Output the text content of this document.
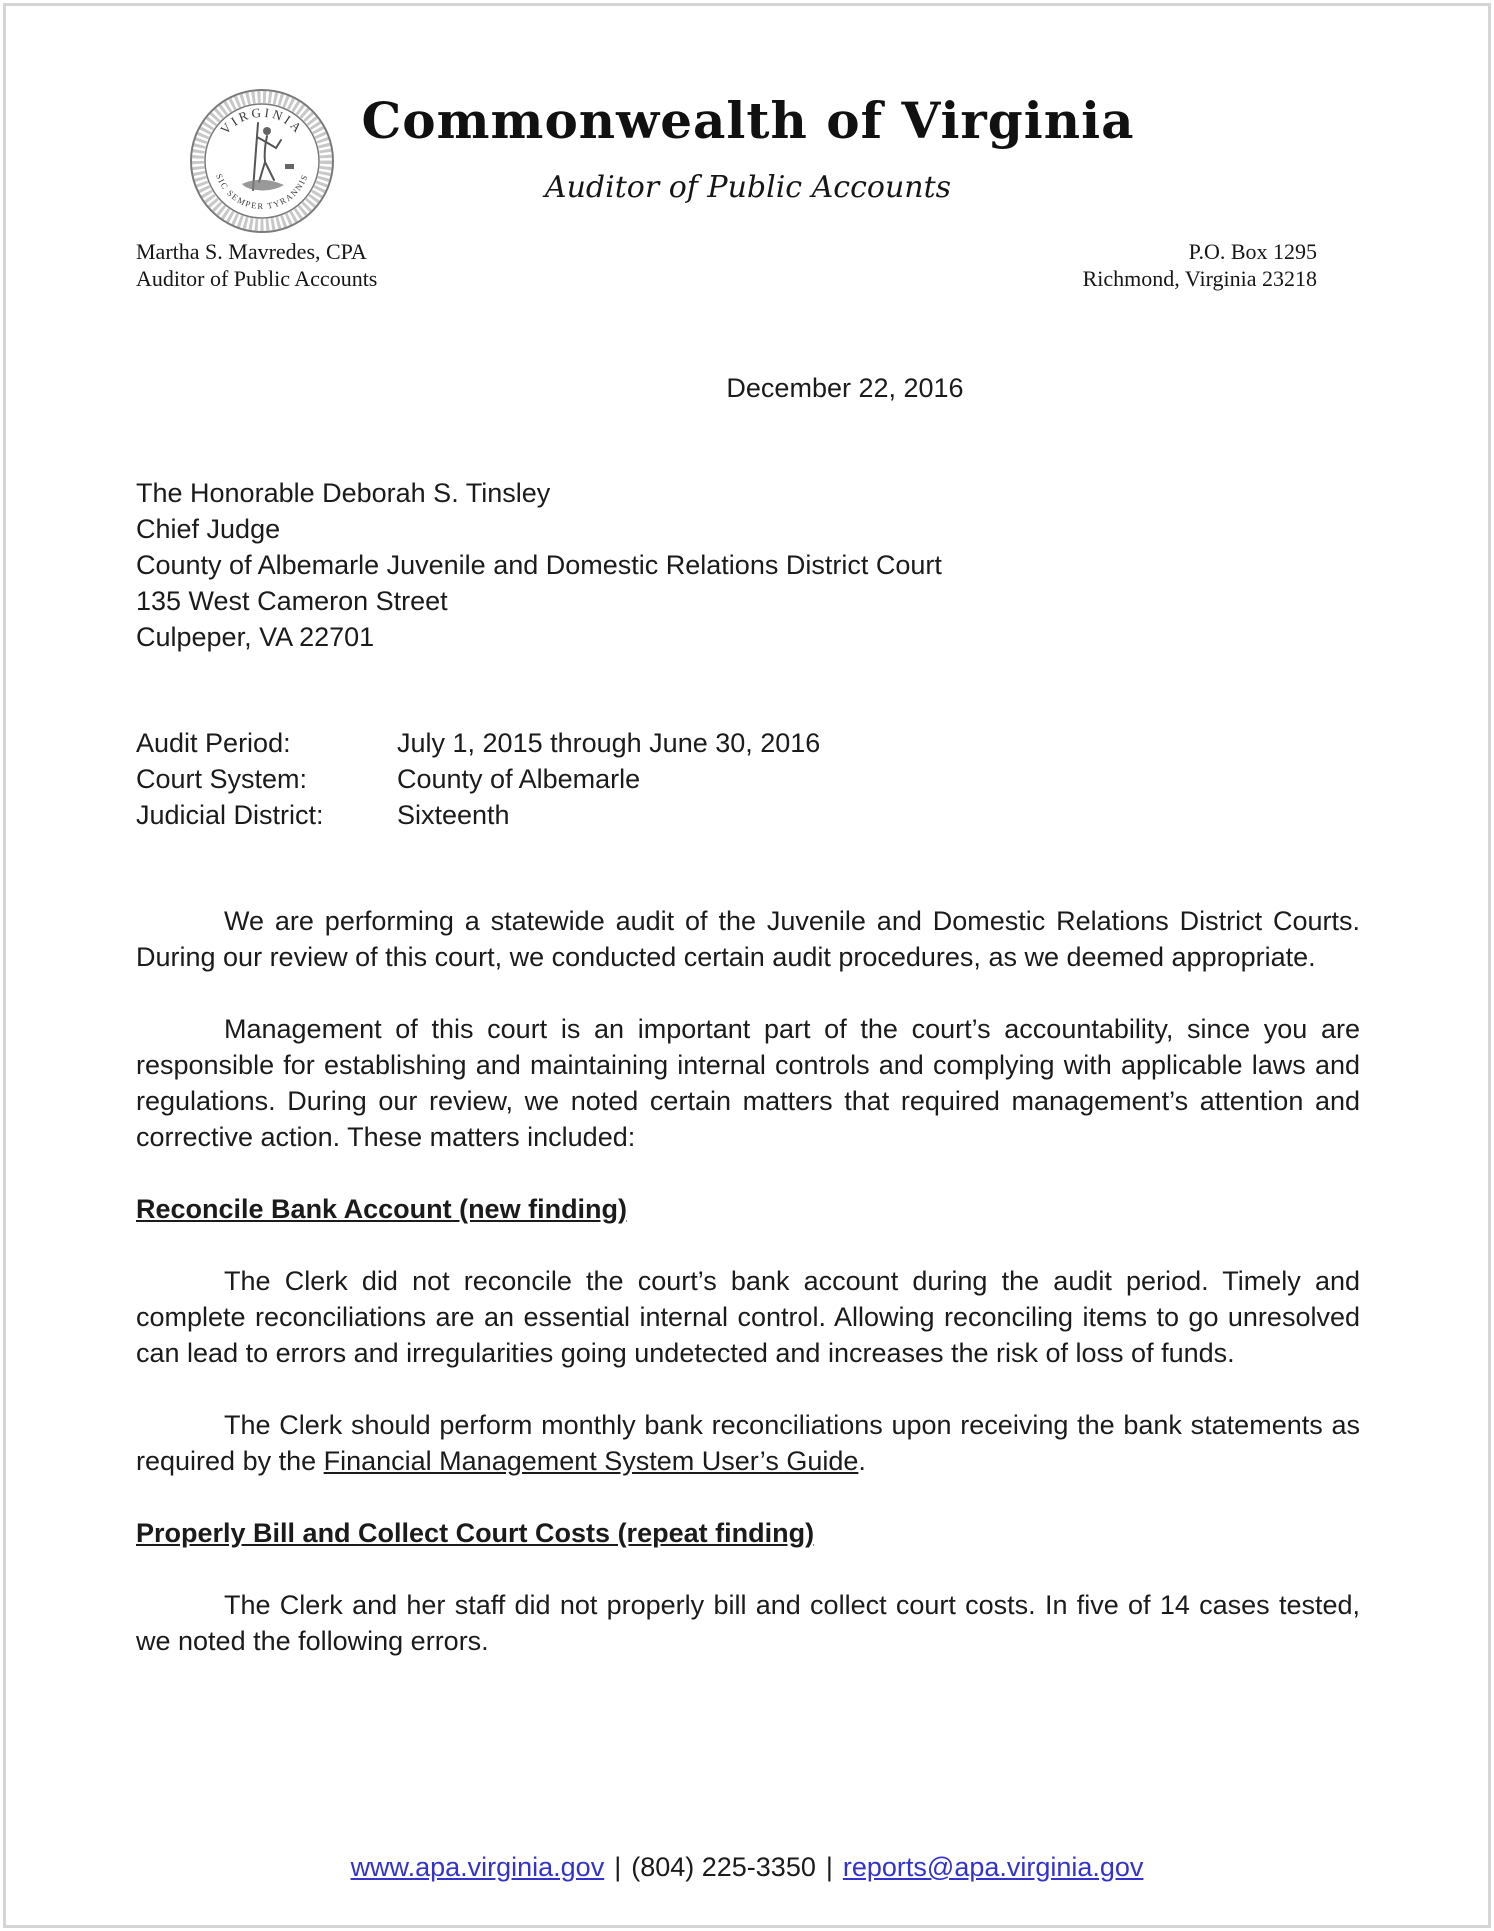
VIRGINIA
SIC SEMPER TYRANNIS
Commonwealth of Virginia
Auditor of Public Accounts
Martha S. Mavredes, CPA
Auditor of Public Accounts
P.O. Box 1295
Richmond, Virginia 23218
December 22, 2016
The Honorable Deborah S. Tinsley
Chief Judge
County of Albemarle Juvenile and Domestic Relations District Court
135 West Cameron Street
Culpeper, VA 22701
Audit Period:	July 1, 2015 through June 30, 2016
Court System:	County of Albemarle
Judicial District:	Sixteenth

We are performing a statewide audit of the Juvenile and Domestic Relations District Courts. During our review of this court, we conducted certain audit procedures, as we deemed appropriate.

Management of this court is an important part of the court’s accountability, since you are responsible for establishing and maintaining internal controls and complying with applicable laws and regulations. During our review, we noted certain matters that required management’s attention and corrective action. These matters included:

Reconcile Bank Account (new finding)

The Clerk did not reconcile the court’s bank account during the audit period. Timely and complete reconciliations are an essential internal control. Allowing reconciling items to go unresolved can lead to errors and irregularities going undetected and increases the risk of loss of funds.

The Clerk should perform monthly bank reconciliations upon receiving the bank statements as required by the Financial Management System User’s Guide.

Properly Bill and Collect Court Costs (repeat finding)

The Clerk and her staff did not properly bill and collect court costs. In five of 14 cases tested, we noted the following errors.

www.apa.virginia.gov | (804) 225-3350 | reports@apa.virginia.gov
